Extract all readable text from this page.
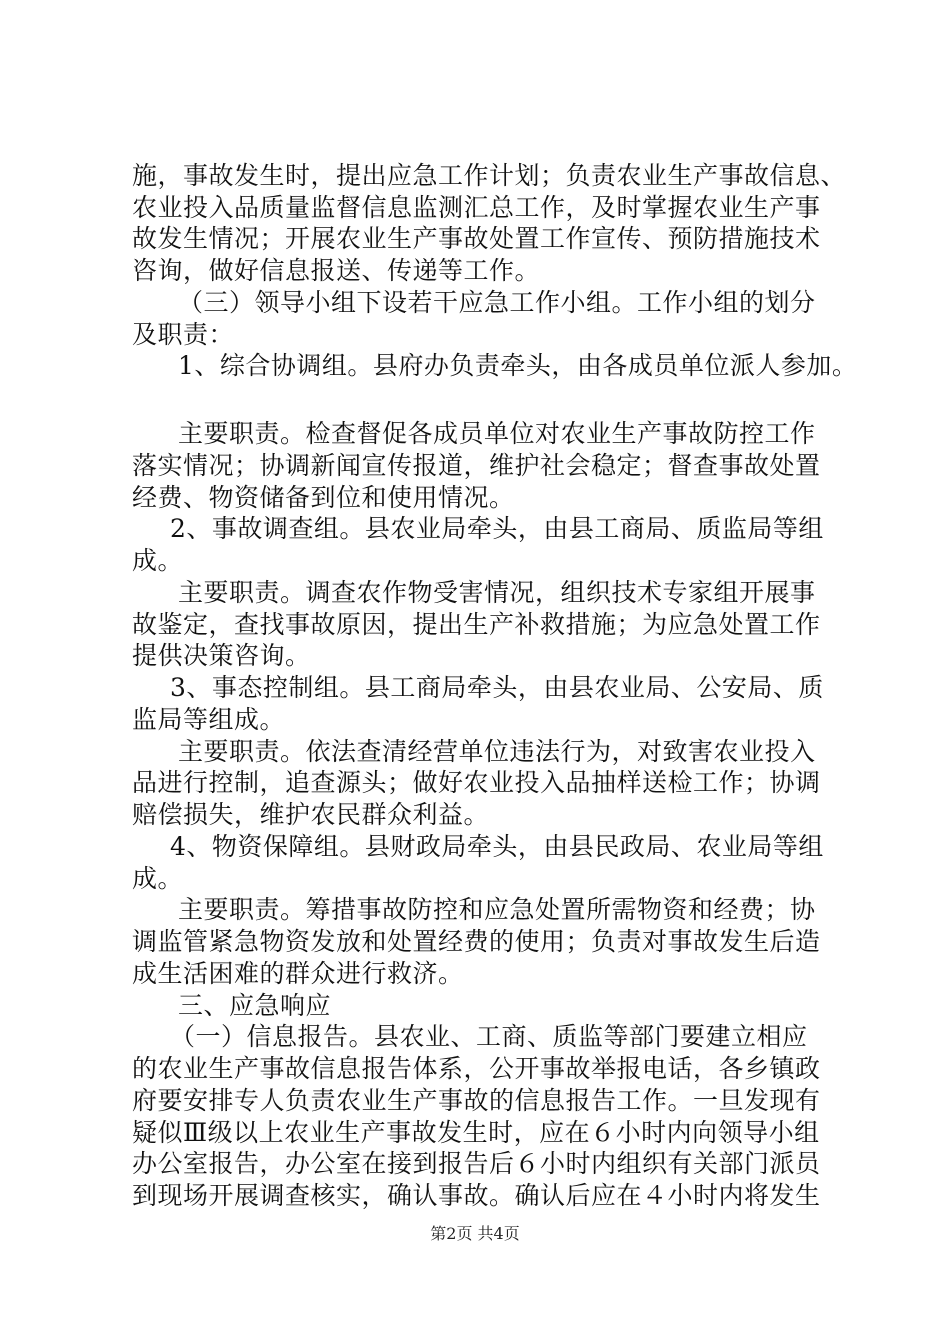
施，事故发生时，提出应急工作计划；负责农业生产事故信息、
农业投入品质量监督信息监测汇总工作，及时掌握农业生产事
故发生情况；开展农业生产事故处置工作宣传、预防措施技术
咨询，做好信息报送、传递等工作。
（三）领导小组下设若干应急工作小组。工作小组的划分
及职责：
1、综合协调组。县府办负责牵头，由各成员单位派人参加。
主要职责。检查督促各成员单位对农业生产事故防控工作
落实情况；协调新闻宣传报道，维护社会稳定；督查事故处置
经费、物资储备到位和使用情况。
2、事故调查组。县农业局牵头，由县工商局、质监局等组
成。
主要职责。调查农作物受害情况，组织技术专家组开展事
故鉴定，查找事故原因，提出生产补救措施；为应急处置工作
提供决策咨询。
3、事态控制组。县工商局牵头，由县农业局、公安局、质
监局等组成。
主要职责。依法查清经营单位违法行为，对致害农业投入
品进行控制，追查源头；做好农业投入品抽样送检工作；协调
赔偿损失，维护农民群众利益。
4、物资保障组。县财政局牵头，由县民政局、农业局等组
成。
主要职责。筹措事故防控和应急处置所需物资和经费；协
调监管紧急物资发放和处置经费的使用；负责对事故发生后造
成生活困难的群众进行救济。
三、应急响应
（一）信息报告。县农业、工商、质监等部门要建立相应
的农业生产事故信息报告体系，公开事故举报电话，各乡镇政
府要安排专人负责农业生产事故的信息报告工作。一旦发现有
疑似Ⅲ级以上农业生产事故发生时，应在６小时内向领导小组
办公室报告，办公室在接到报告后６小时内组织有关部门派员
到现场开展调查核实，确认事故。确认后应在４小时内将发生
第2页 共4页
